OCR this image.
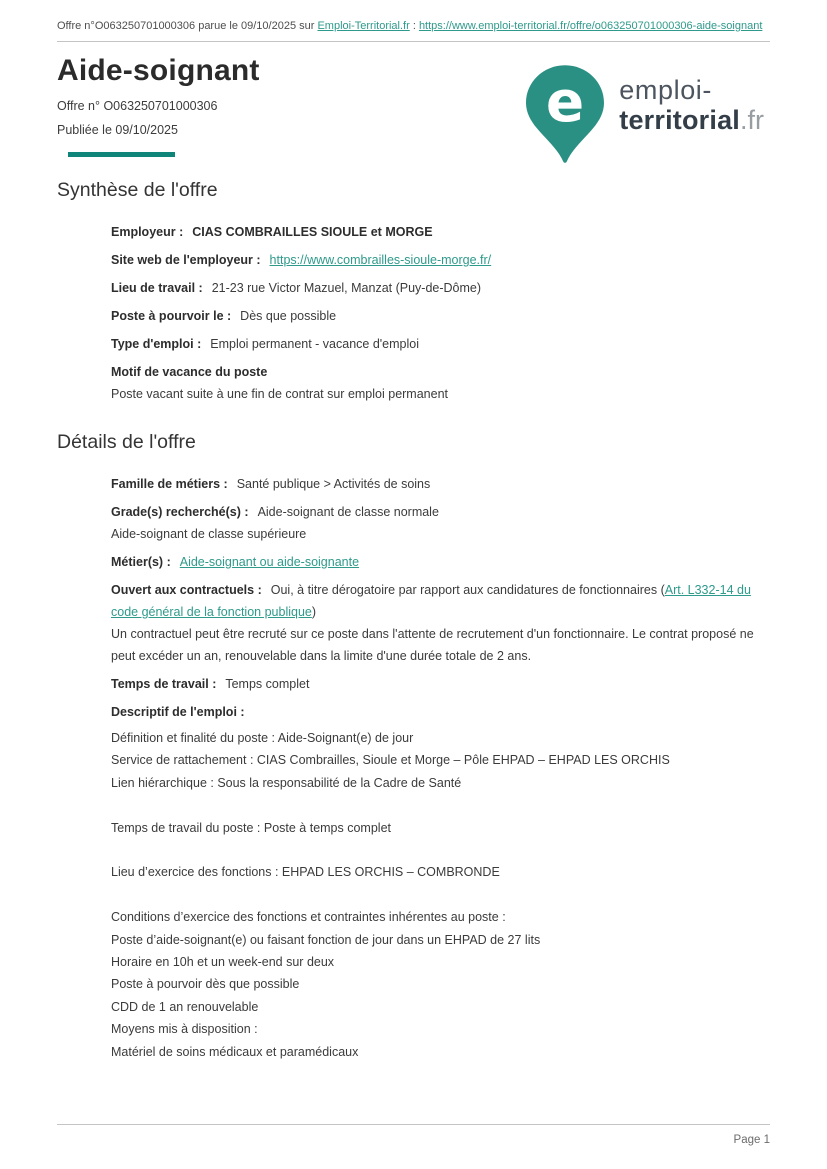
Offre n°O063250701000306 parue le 09/10/2025 sur Emploi-Territorial.fr : https://www.emploi-territorial.fr/offre/o063250701000306-aide-soignant
Aide-soignant
Offre n° O063250701000306
Publiée le 09/10/2025	e emploi-
territorial.fr
Synthèse de l'offre
Employeur : CIAS COMBRAILLES SIOULE et MORGE
Site web de l'employeur : https://www.combrailles-sioule-morge.fr/
Lieu de travail : 21-23 rue Victor Mazuel, Manzat (Puy-de-Dôme)
Poste à pourvoir le : Dès que possible
Type d'emploi : Emploi permanent - vacance d'emploi
Motif de vacance du poste
Poste vacant suite à une fin de contrat sur emploi permanent
Détails de l'offre
Famille de métiers : Santé publique > Activités de soins
Grade(s) recherché(s) : Aide-soignant de classe normale
Aide-soignant de classe supérieure
Métier(s) : Aide-soignant ou aide-soignante
Ouvert aux contractuels : Oui, à titre dérogatoire par rapport aux candidatures de fonctionnaires (Art. L332-14 du code général de la fonction publique)
Un contractuel peut être recruté sur ce poste dans l'attente de recrutement d'un fonctionnaire. Le contrat proposé ne peut excéder un an, renouvelable dans la limite d'une durée totale de 2 ans.
Temps de travail : Temps complet
Descriptif de l'emploi :
Définition et finalité du poste : Aide-Soignant(e) de jour
Service de rattachement : CIAS Combrailles, Sioule et Morge – Pôle EHPAD – EHPAD LES ORCHIS
Lien hiérarchique : Sous la responsabilité de la Cadre de Santé
Temps de travail du poste : Poste à temps complet
Lieu d’exercice des fonctions : EHPAD LES ORCHIS – COMBRONDE
Conditions d’exercice des fonctions et contraintes inhérentes au poste :
Poste d’aide-soignant(e) ou faisant fonction de jour dans un EHPAD de 27 lits
Horaire en 10h et un week-end sur deux
Poste à pourvoir dès que possible
CDD de 1 an renouvelable
Moyens mis à disposition :
Matériel de soins médicaux et paramédicaux
Page 1
